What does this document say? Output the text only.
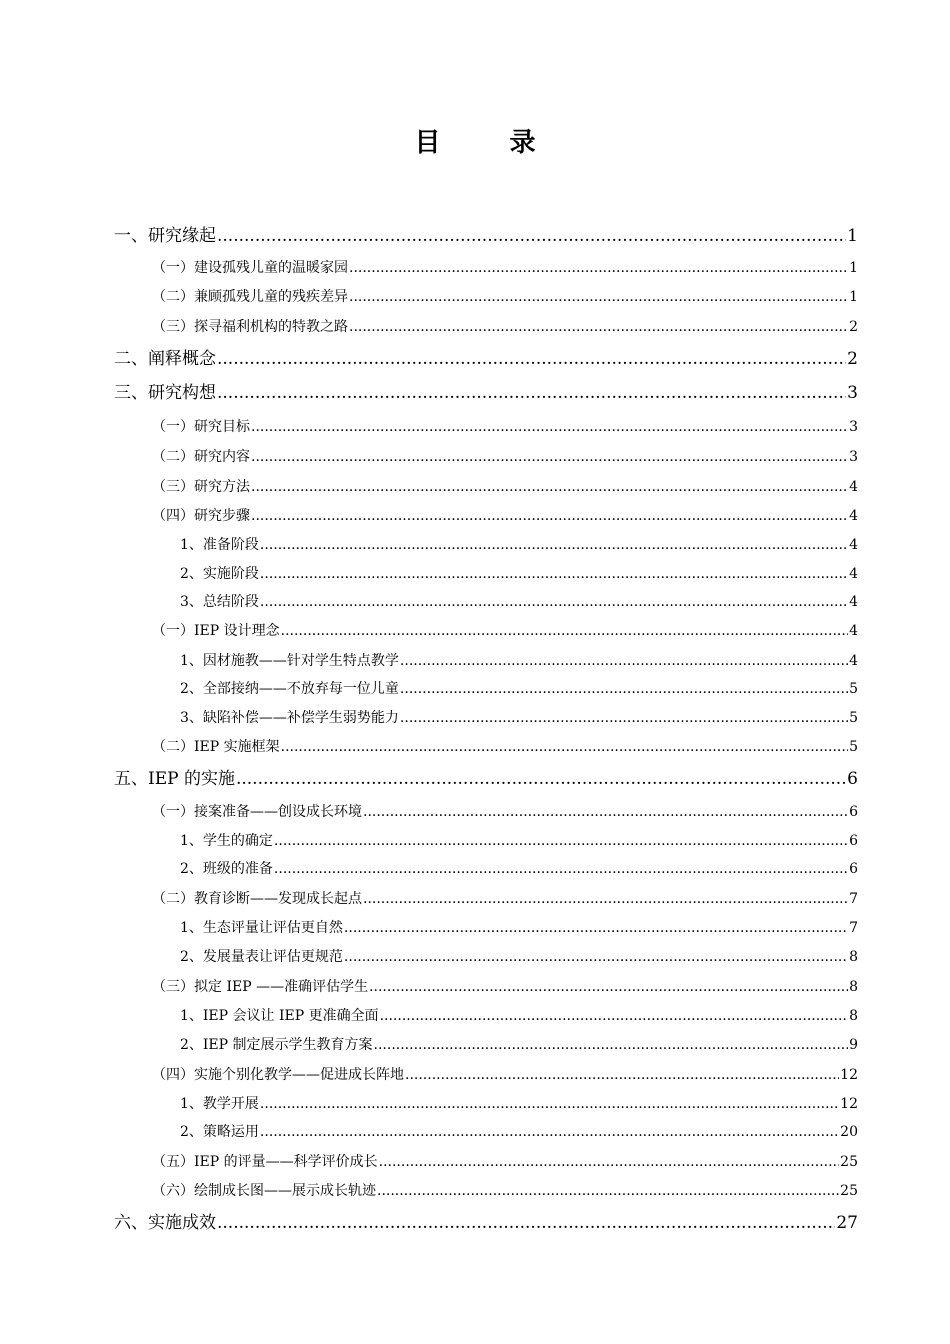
目 录
一、研究缘起 .....	1
（一）建设孤残儿童的温暖家园 .....	1
（二）兼顾孤残儿童的残疾差异 .....	1
（三）探寻福利机构的特教之路 .....	2
二、阐释概念 .....	2
三、研究构想 .....	3
（一）研究目标 .....	3
（二）研究内容 .....	3
（三）研究方法 .....	4
（四）研究步骤 .....	4
1、准备阶段 .....	4
2、实施阶段 .....	4
3、总结阶段 .....	4
（一）IEP 设计理念 .....	4
1、因材施教——针对学生特点教学 .....	4
2、全部接纳——不放弃每一位儿童 .....	5
3、缺陷补偿——补偿学生弱势能力 .....	5
（二）IEP 实施框架 .....	5
五、IEP 的实施 .....	6
（一）接案准备——创设成长环境 .....	6
1、学生的确定 .....	6
2、班级的准备 .....	6
（二）教育诊断——发现成长起点 .....	7
1、生态评量让评估更自然 .....	7
2、发展量表让评估更规范 .....	8
（三）拟定 IEP ——准确评估学生 .....	8
1、IEP 会议让 IEP 更准确全面 .....	8
2、IEP 制定展示学生教育方案 .....	9
（四）实施个别化教学——促进成长阵地 .....	12
1、教学开展 .....	12
2、策略运用 .....	20
（五）IEP 的评量——科学评价成长 .....	25
（六）绘制成长图——展示成长轨迹 .....	25
六、实施成效 .....	27
